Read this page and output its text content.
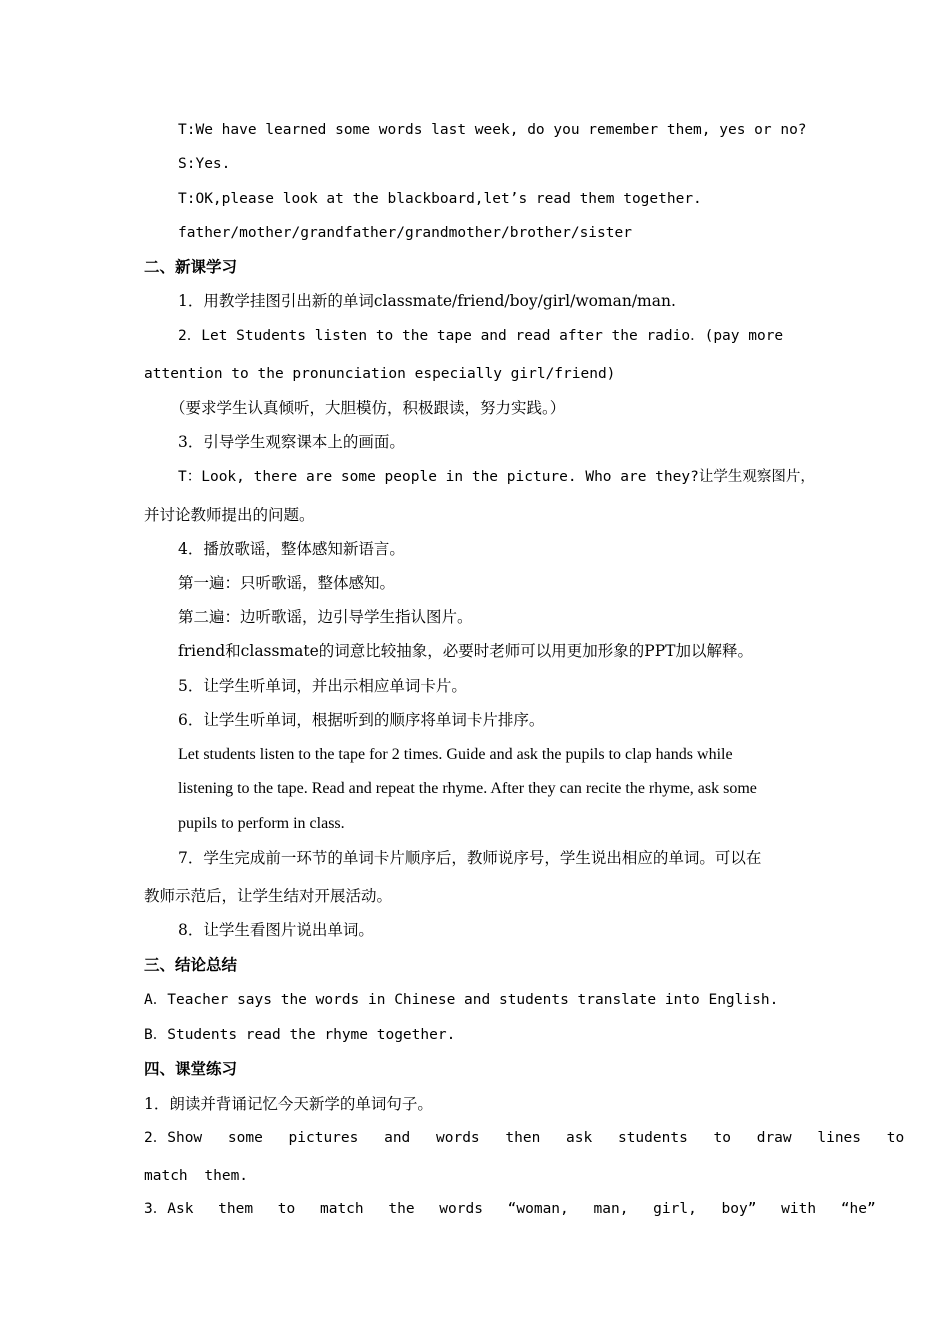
T:We have learned some words last week, do you remember them, yes or no?
S:Yes.
T:OK,please look at the blackboard,let’s read them together.
father/mother/grandfather/grandmother/brother/sister
二、新课学习
1．用教学挂图引出新的单词classmate/friend/boy/girl/woman/man.
2．Let Students listen to the tape and read after the radio．(pay more
attention to the pronunciation especially girl/friend)
（要求学生认真倾听，大胆模仿，积极跟读，努力实践。）
3．引导学生观察课本上的画面。
T：Look, there are some people in the picture. Who are they?让学生观察图片，
并讨论教师提出的问题。
4．播放歌谣，整体感知新语言。
第一遍：只听歌谣，整体感知。
第二遍：边听歌谣，边引导学生指认图片。
friend和classmate的词意比较抽象，必要时老师可以用更加形象的PPT加以解释。
5．让学生听单词，并出示相应单词卡片。
6．让学生听单词，根据听到的顺序将单词卡片排序。
Let students listen to the tape for 2 times. Guide and ask the pupils to clap hands while
listening to the tape. Read and repeat the rhyme. After they can recite the rhyme, ask some
pupils to perform in class.
7．学生完成前一环节的单词卡片顺序后，教师说序号，学生说出相应的单词。可以在
教师示范后，让学生结对开展活动。
8．让学生看图片说出单词。
三、结论总结
A．Teacher says the words in Chinese and students translate into English.
B．Students read the rhyme together.
四、课堂练习
1．朗读并背诵记忆今天新学的单词句子。
2．Show some pictures and words then ask students to draw lines to
match them.
3．Ask them to match the words “woman, man, girl, boy” with “he”
